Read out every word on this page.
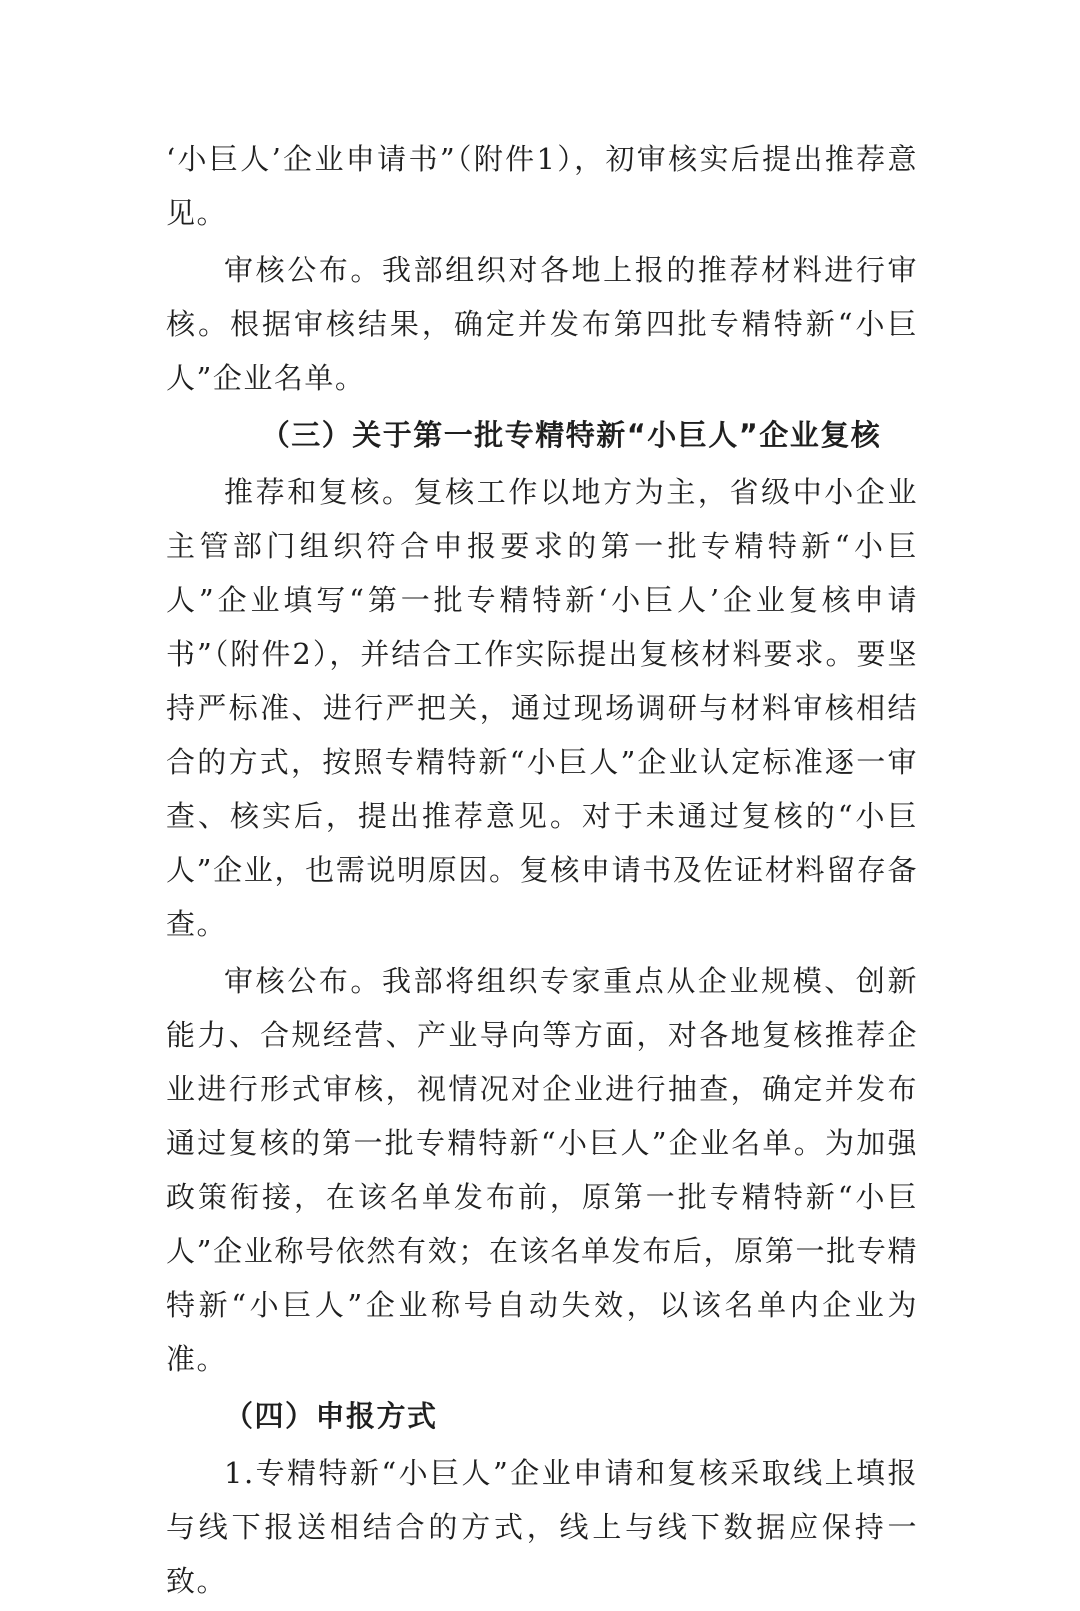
‘小巨人’企业申请书”（附件1），初审核实后提出推荐意见。

审核公布。我部组织对各地上报的推荐材料进行审核。根据审核结果，确定并发布第四批专精特新“小巨人”企业名单。

（三）关于第一批专精特新“小巨人”企业复核

推荐和复核。复核工作以地方为主，省级中小企业主管部门组织符合申报要求的第一批专精特新“小巨人”企业填写“第一批专精特新‘小巨人’企业复核申请书”（附件2），并结合工作实际提出复核材料要求。要坚持严标准、进行严把关，通过现场调研与材料审核相结合的方式，按照专精特新“小巨人”企业认定标准逐一审查、核实后，提出推荐意见。对于未通过复核的“小巨人”企业，也需说明原因。复核申请书及佐证材料留存备查。

审核公布。我部将组织专家重点从企业规模、创新能力、合规经营、产业导向等方面，对各地复核推荐企业进行形式审核，视情况对企业进行抽查，确定并发布通过复核的第一批专精特新“小巨人”企业名单。为加强政策衔接，在该名单发布前，原第一批专精特新“小巨人”企业称号依然有效；在该名单发布后，原第一批专精特新“小巨人”企业称号自动失效，以该名单内企业为准。

（四）申报方式

1.专精特新“小巨人”企业申请和复核采取线上填报与线下报送相结合的方式，线上与线下数据应保持一致。
